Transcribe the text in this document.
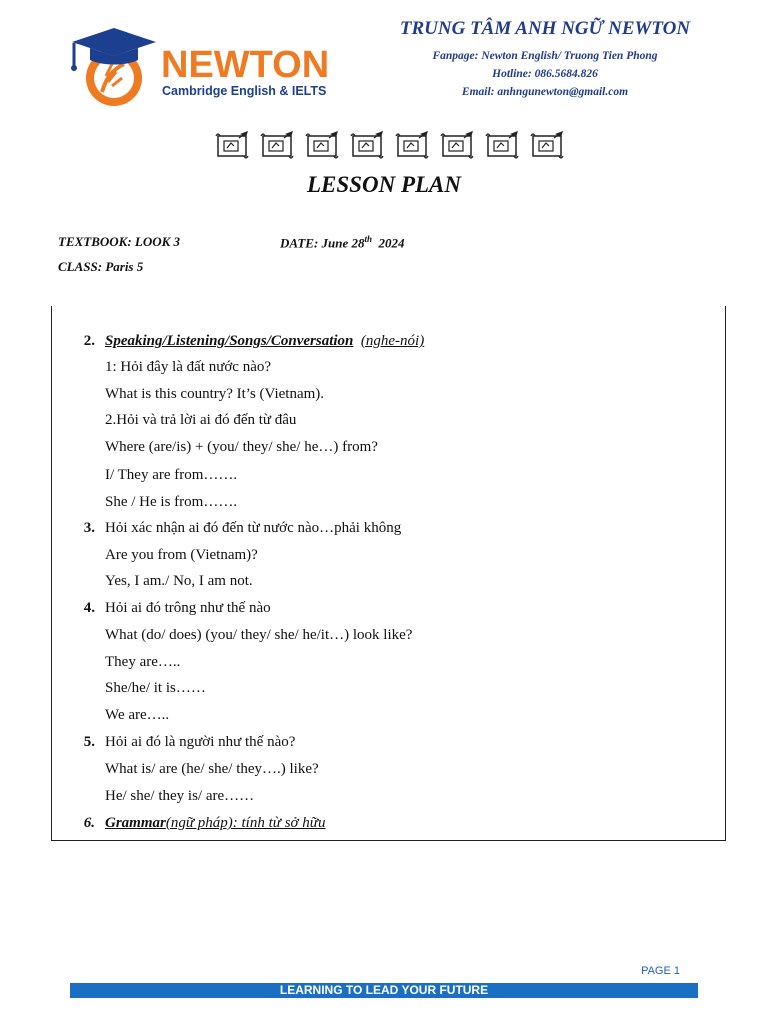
NEWTON
Cambridge English & IELTS
TRUNG TÂM ANH NGỮ NEWTON
Fanpage: Newton English/ Truong Tien Phong
Hotline: 086.5684.826
Email: anhngunewton@gmail.com
LESSON PLAN
TEXTBOOK: LOOK 3	DATE: June 28th 2024
CLASS: Paris 5
2. Speaking/Listening/Songs/Conversation (nghe-nói)
1: Hỏi đây là đất nước nào?
What is this country? It’s (Vietnam).
2.Hỏi và trả lời ai đó đến từ đâu
Where (are/is) + (you/ they/ she/ he…) from?
I/ They are from…….
She / He is from…….
3. Hỏi xác nhận ai đó đến từ nước nào…phải không
Are you from (Vietnam)?
Yes, I am./ No, I am not.
4. Hỏi ai đó trông như thế nào
What (do/ does) (you/ they/ she/ he/it…) look like?
They are…..
She/he/ it is……
We are…..
5. Hỏi ai đó là người như thế nào?
What is/ are (he/ she/ they….) like?
He/ she/ they is/ are……
6. Grammar(ngữ pháp): tính từ sở hữu
PAGE 1
LEARNING TO LEAD YOUR FUTURE
